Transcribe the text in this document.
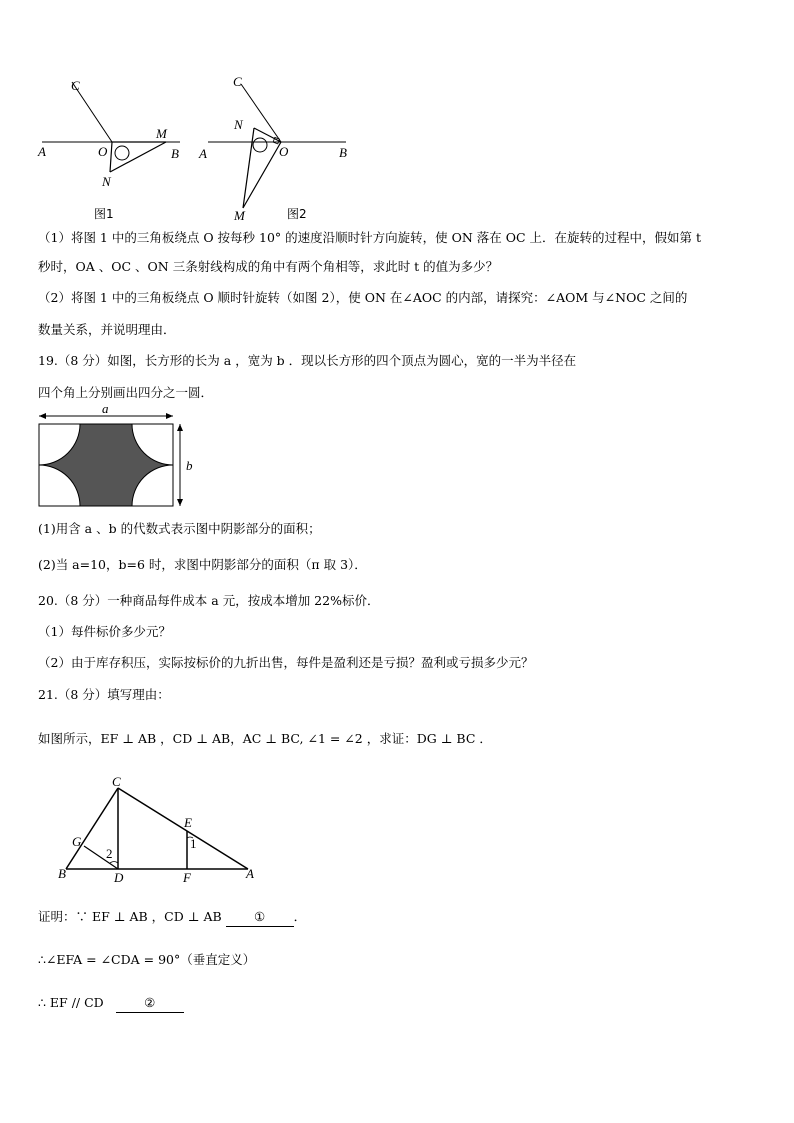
C
A	O
M
B
N
图1
C
N
A	O	B
M	图2
（1）将图 1 中的三角板绕点 O 按每秒 10° 的速度沿顺时针方向旋转，使 ON 落在 OC 上．在旋转的过程中，假如第 t
秒时，OA 、OC 、ON 三条射线构成的角中有两个角相等，求此时 t 的值为多少？
（2）将图 1 中的三角板绕点 O 顺时针旋转（如图 2），使 ON 在∠AOC 的内部，请探究：∠AOM 与∠NOC 之间的
数量关系，并说明理由．
19.（8 分）如图，长方形的长为 a ，宽为 b ．现以长方形的四个顶点为圆心，宽的一半为半径在
四个角上分别画出四分之一圆．
a
b
(1)用含 a 、b 的代数式表示图中阴影部分的面积；
(2)当 a=10，b=6 时，求图中阴影部分的面积（π 取 3）．
20.（8 分）一种商品每件成本 a 元，按成本增加 22%标价．
（1）每件标价多少元？
（2）由于库存积压，实际按标价的九折出售，每件是盈利还是亏损？盈利或亏损多少元？
21.（8 分）填写理由：
如图所示，EF ⊥ AB ，CD ⊥ AB，AC ⊥ BC, ∠1 = ∠2 ，求证：DG ⊥ BC ．
C
E
G
2
1
B	D	F	A
证明：∵ EF ⊥ AB ，CD ⊥ AB	① ．
∴∠EFA = ∠CDA = 90°（垂直定义）
∴ EF // CD	②
